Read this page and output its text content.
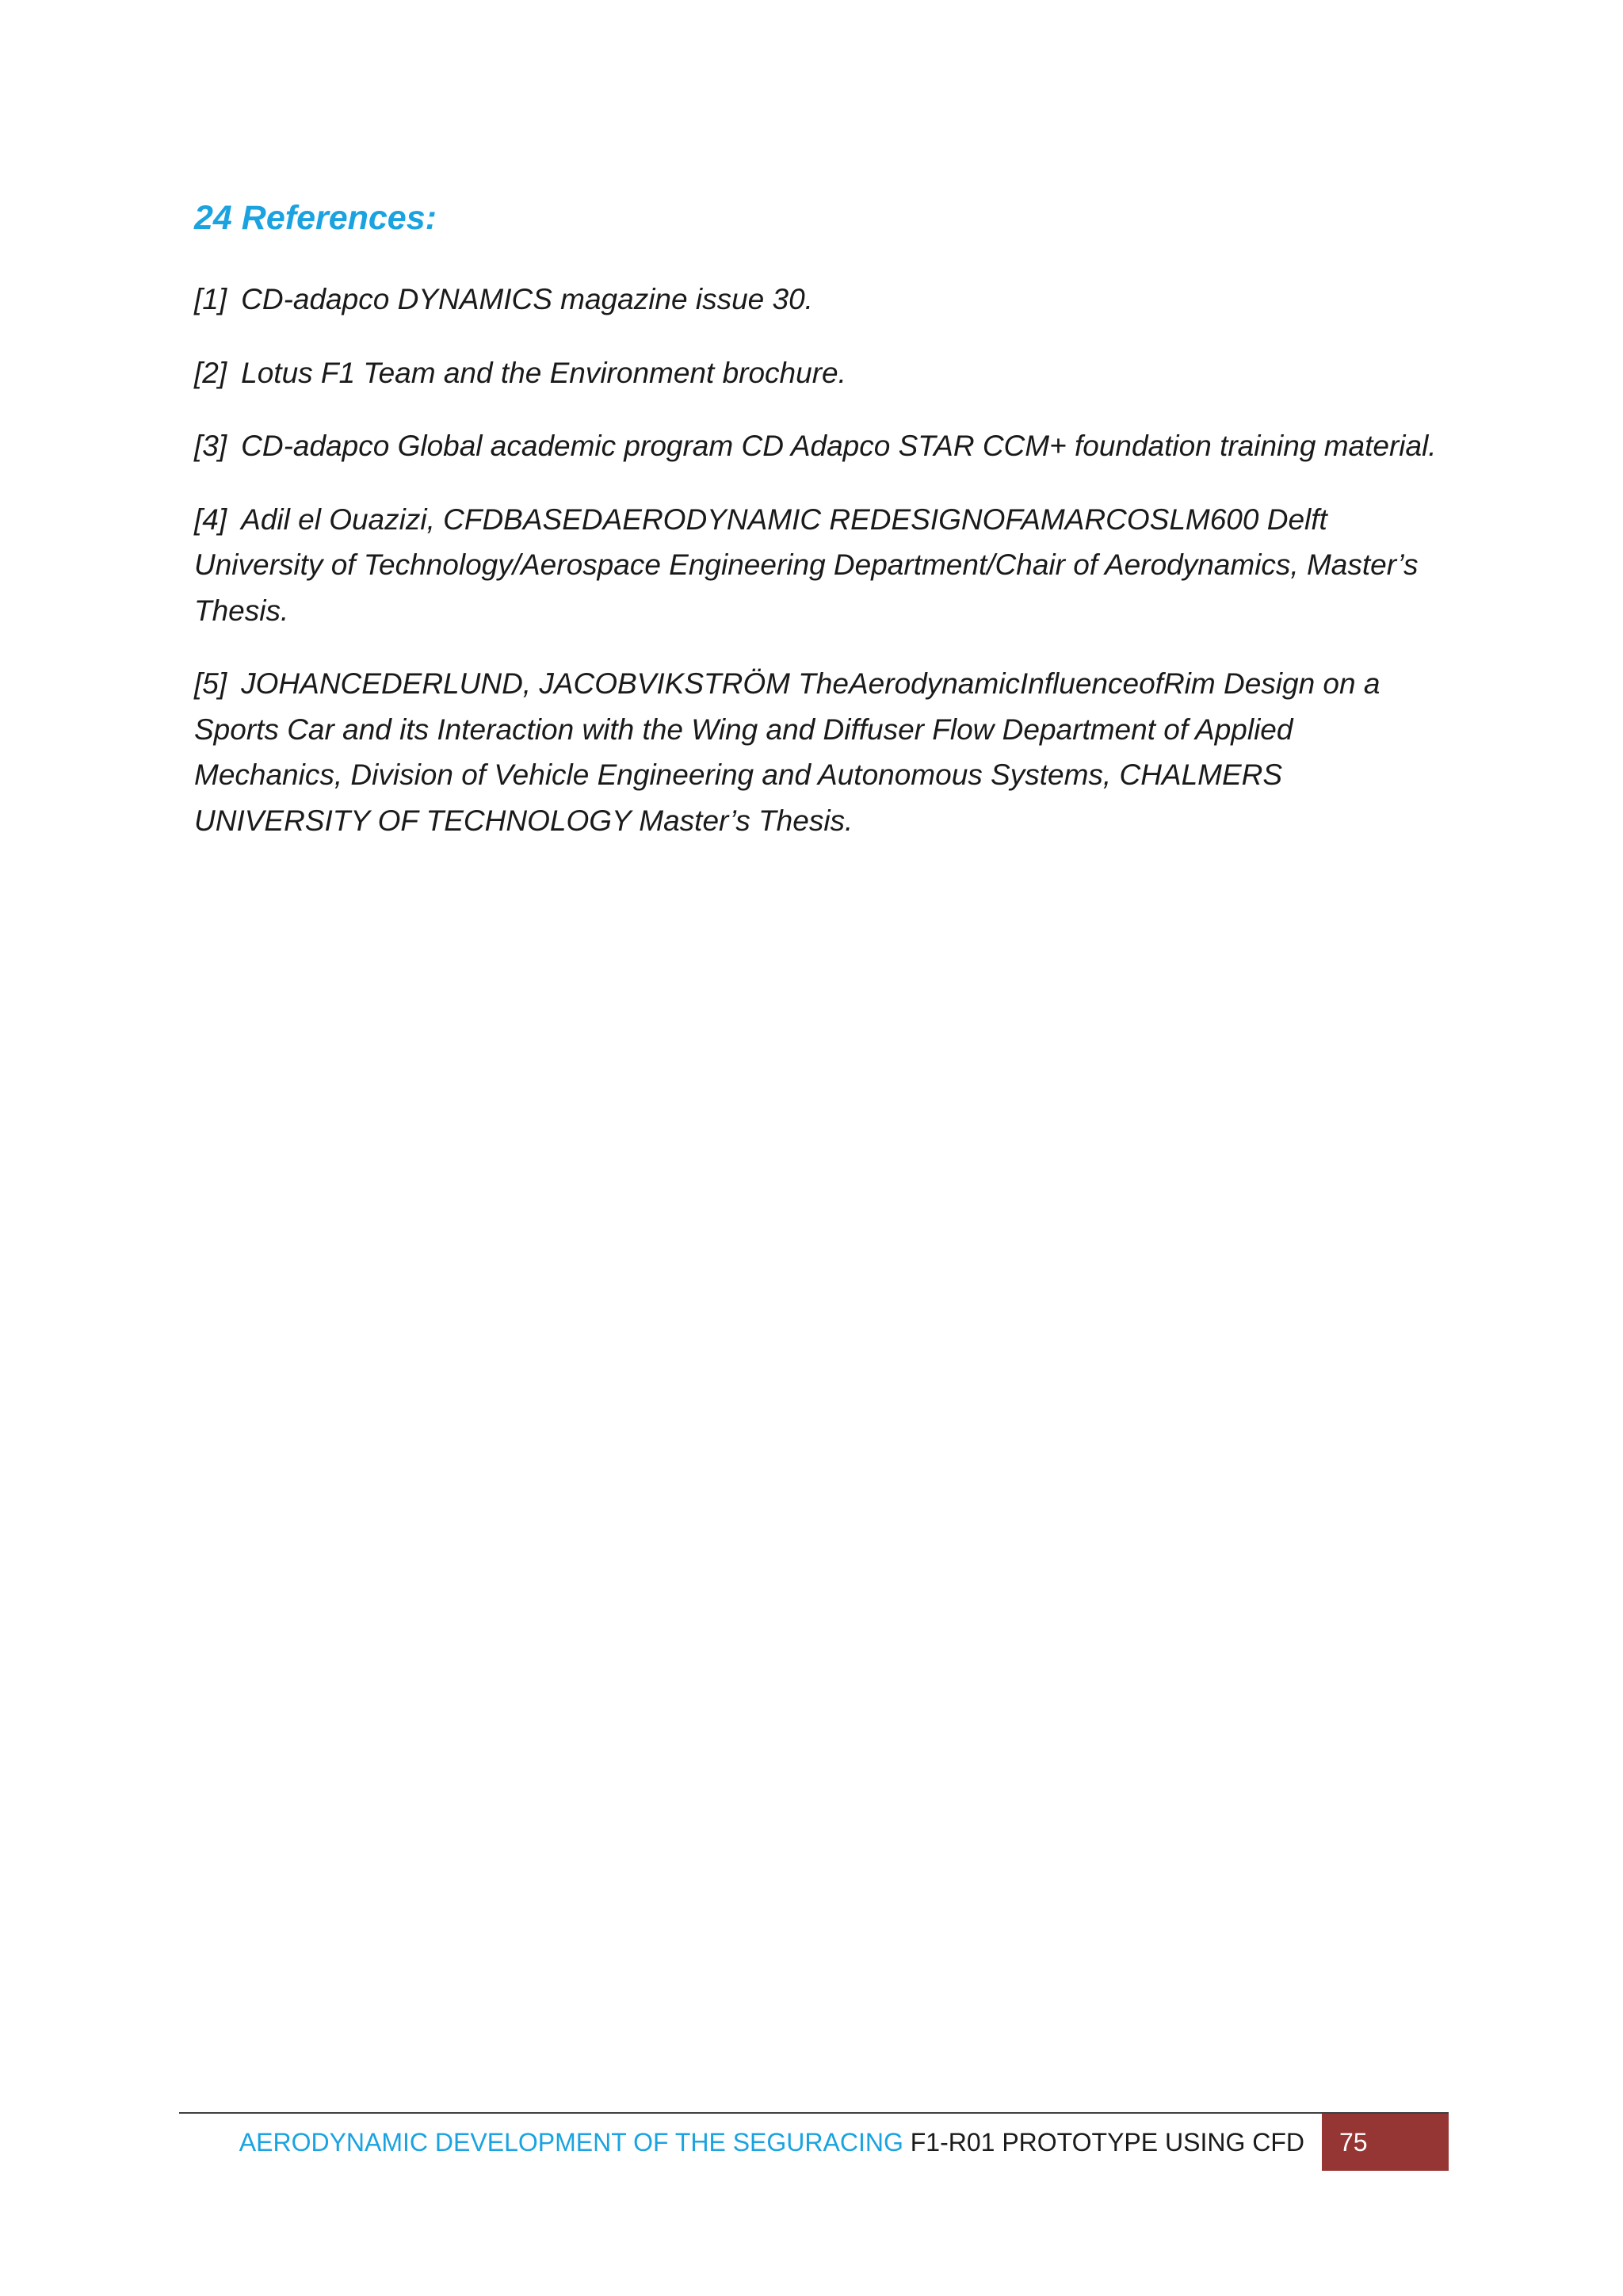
24 References:

[1] CD-adapco DYNAMICS magazine issue 30.

[2] Lotus F1 Team and the Environment brochure.

[3] CD-adapco Global academic program CD Adapco STAR CCM+ foundation training material.

[4] Adil el Ouazizi, CFDBASEDAERODYNAMIC REDESIGNOFAMARCOSLM600 Delft University of Technology/Aerospace Engineering Department/Chair of Aerodynamics, Master’s Thesis.

[5] JOHANCEDERLUND, JACOBVIKSTRÖM TheAerodynamicInfluenceofRim Design on a Sports Car and its Interaction with the Wing and Diffuser Flow Department of Applied Mechanics, Division of Vehicle Engineering and Autonomous Systems, CHALMERS UNIVERSITY OF TECHNOLOGY Master’s Thesis.

AERODYNAMIC DEVELOPMENT OF THE SEGURACING F1-R01 PROTOTYPE USING CFD	75
